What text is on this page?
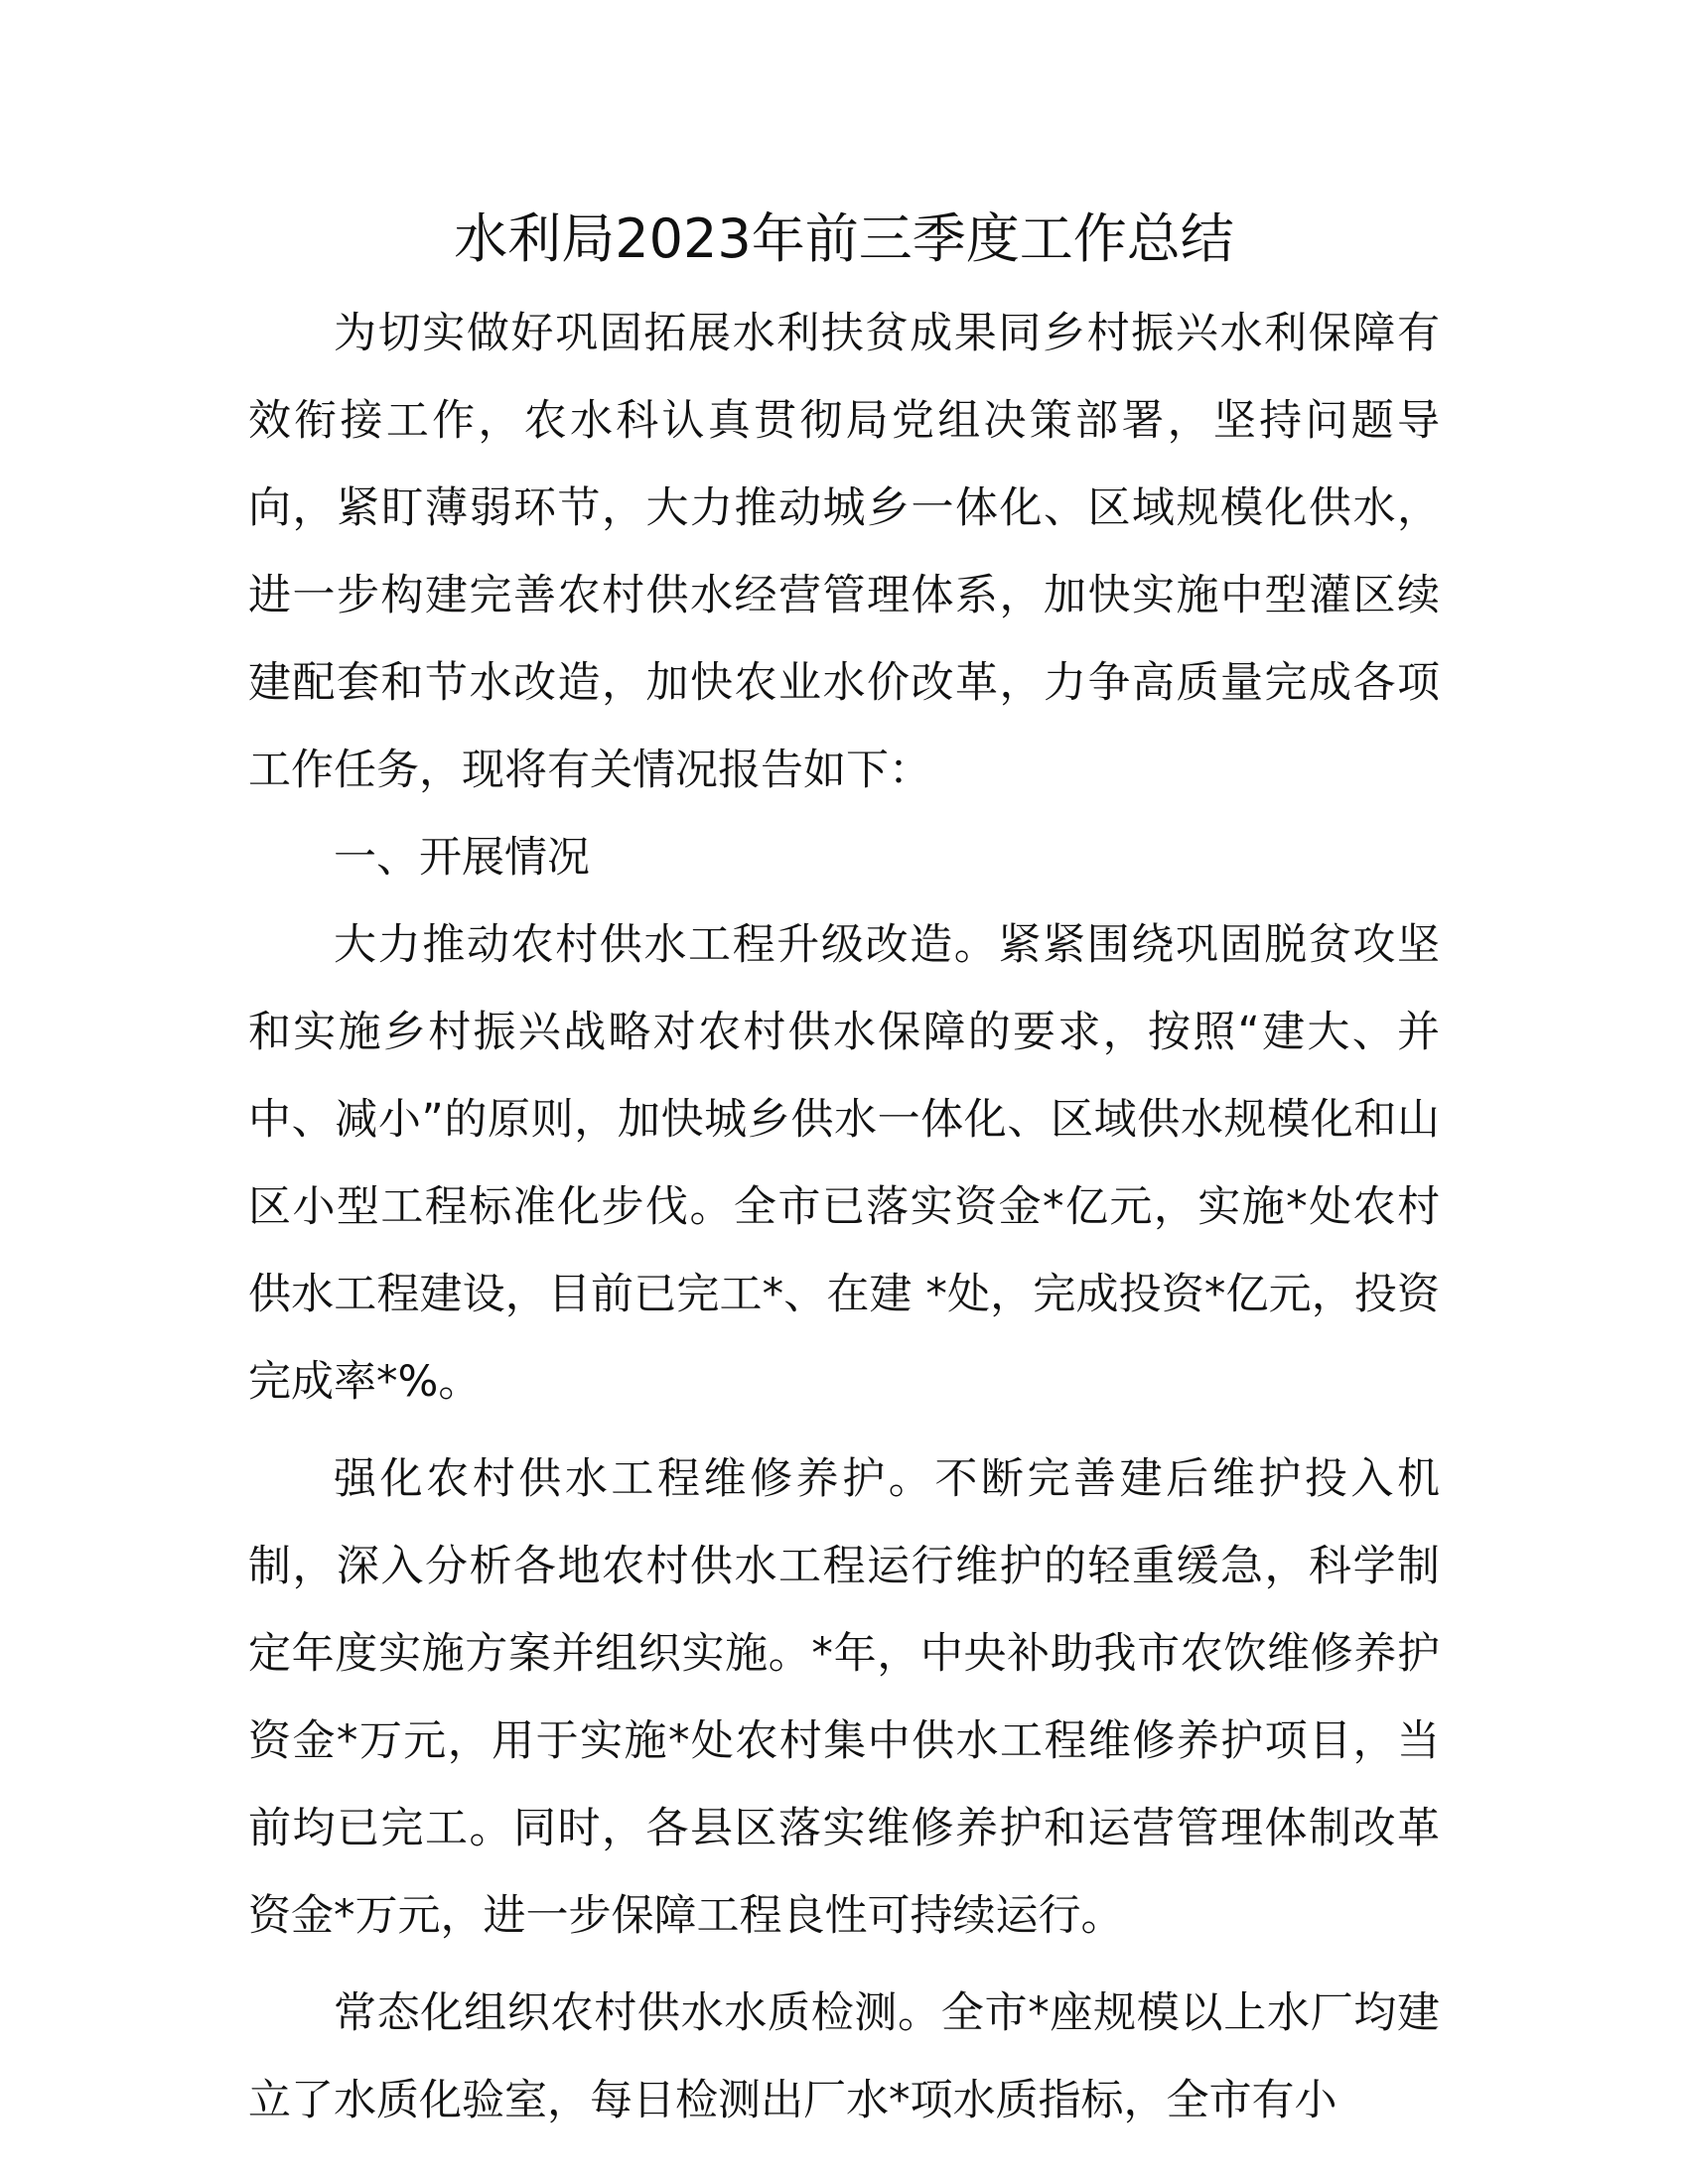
水利局2023年前三季度工作总结

为切实做好巩固拓展水利扶贫成果同乡村振兴水利保障有效衔接工作，农水科认真贯彻局党组决策部署，坚持问题导向，紧盯薄弱环节，大力推动城乡一体化、区域规模化供水，进一步构建完善农村供水经营管理体系，加快实施中型灌区续建配套和节水改造，加快农业水价改革，力争高质量完成各项工作任务，现将有关情况报告如下：

一、开展情况

大力推动农村供水工程升级改造。紧紧围绕巩固脱贫攻坚和实施乡村振兴战略对农村供水保障的要求，按照“建大、并中、减小”的原则，加快城乡供水一体化、区域供水规模化和山区小型工程标准化步伐。全市已落实资金*亿元，实施*处农村供水工程建设，目前已完工*、在建 *处，完成投资*亿元，投资完成率*%。

强化农村供水工程维修养护。不断完善建后维护投入机制，深入分析各地农村供水工程运行维护的轻重缓急，科学制定年度实施方案并组织实施。*年，中央补助我市农饮维修养护资金*万元，用于实施*处农村集中供水工程维修养护项目，当前均已完工。同时，各县区落实维修养护和运营管理体制改革资金*万元，进一步保障工程良性可持续运行。

常态化组织农村供水水质检测。全市*座规模以上水厂均建立了水质化验室，每日检测出厂水*项水质指标，全市有小
